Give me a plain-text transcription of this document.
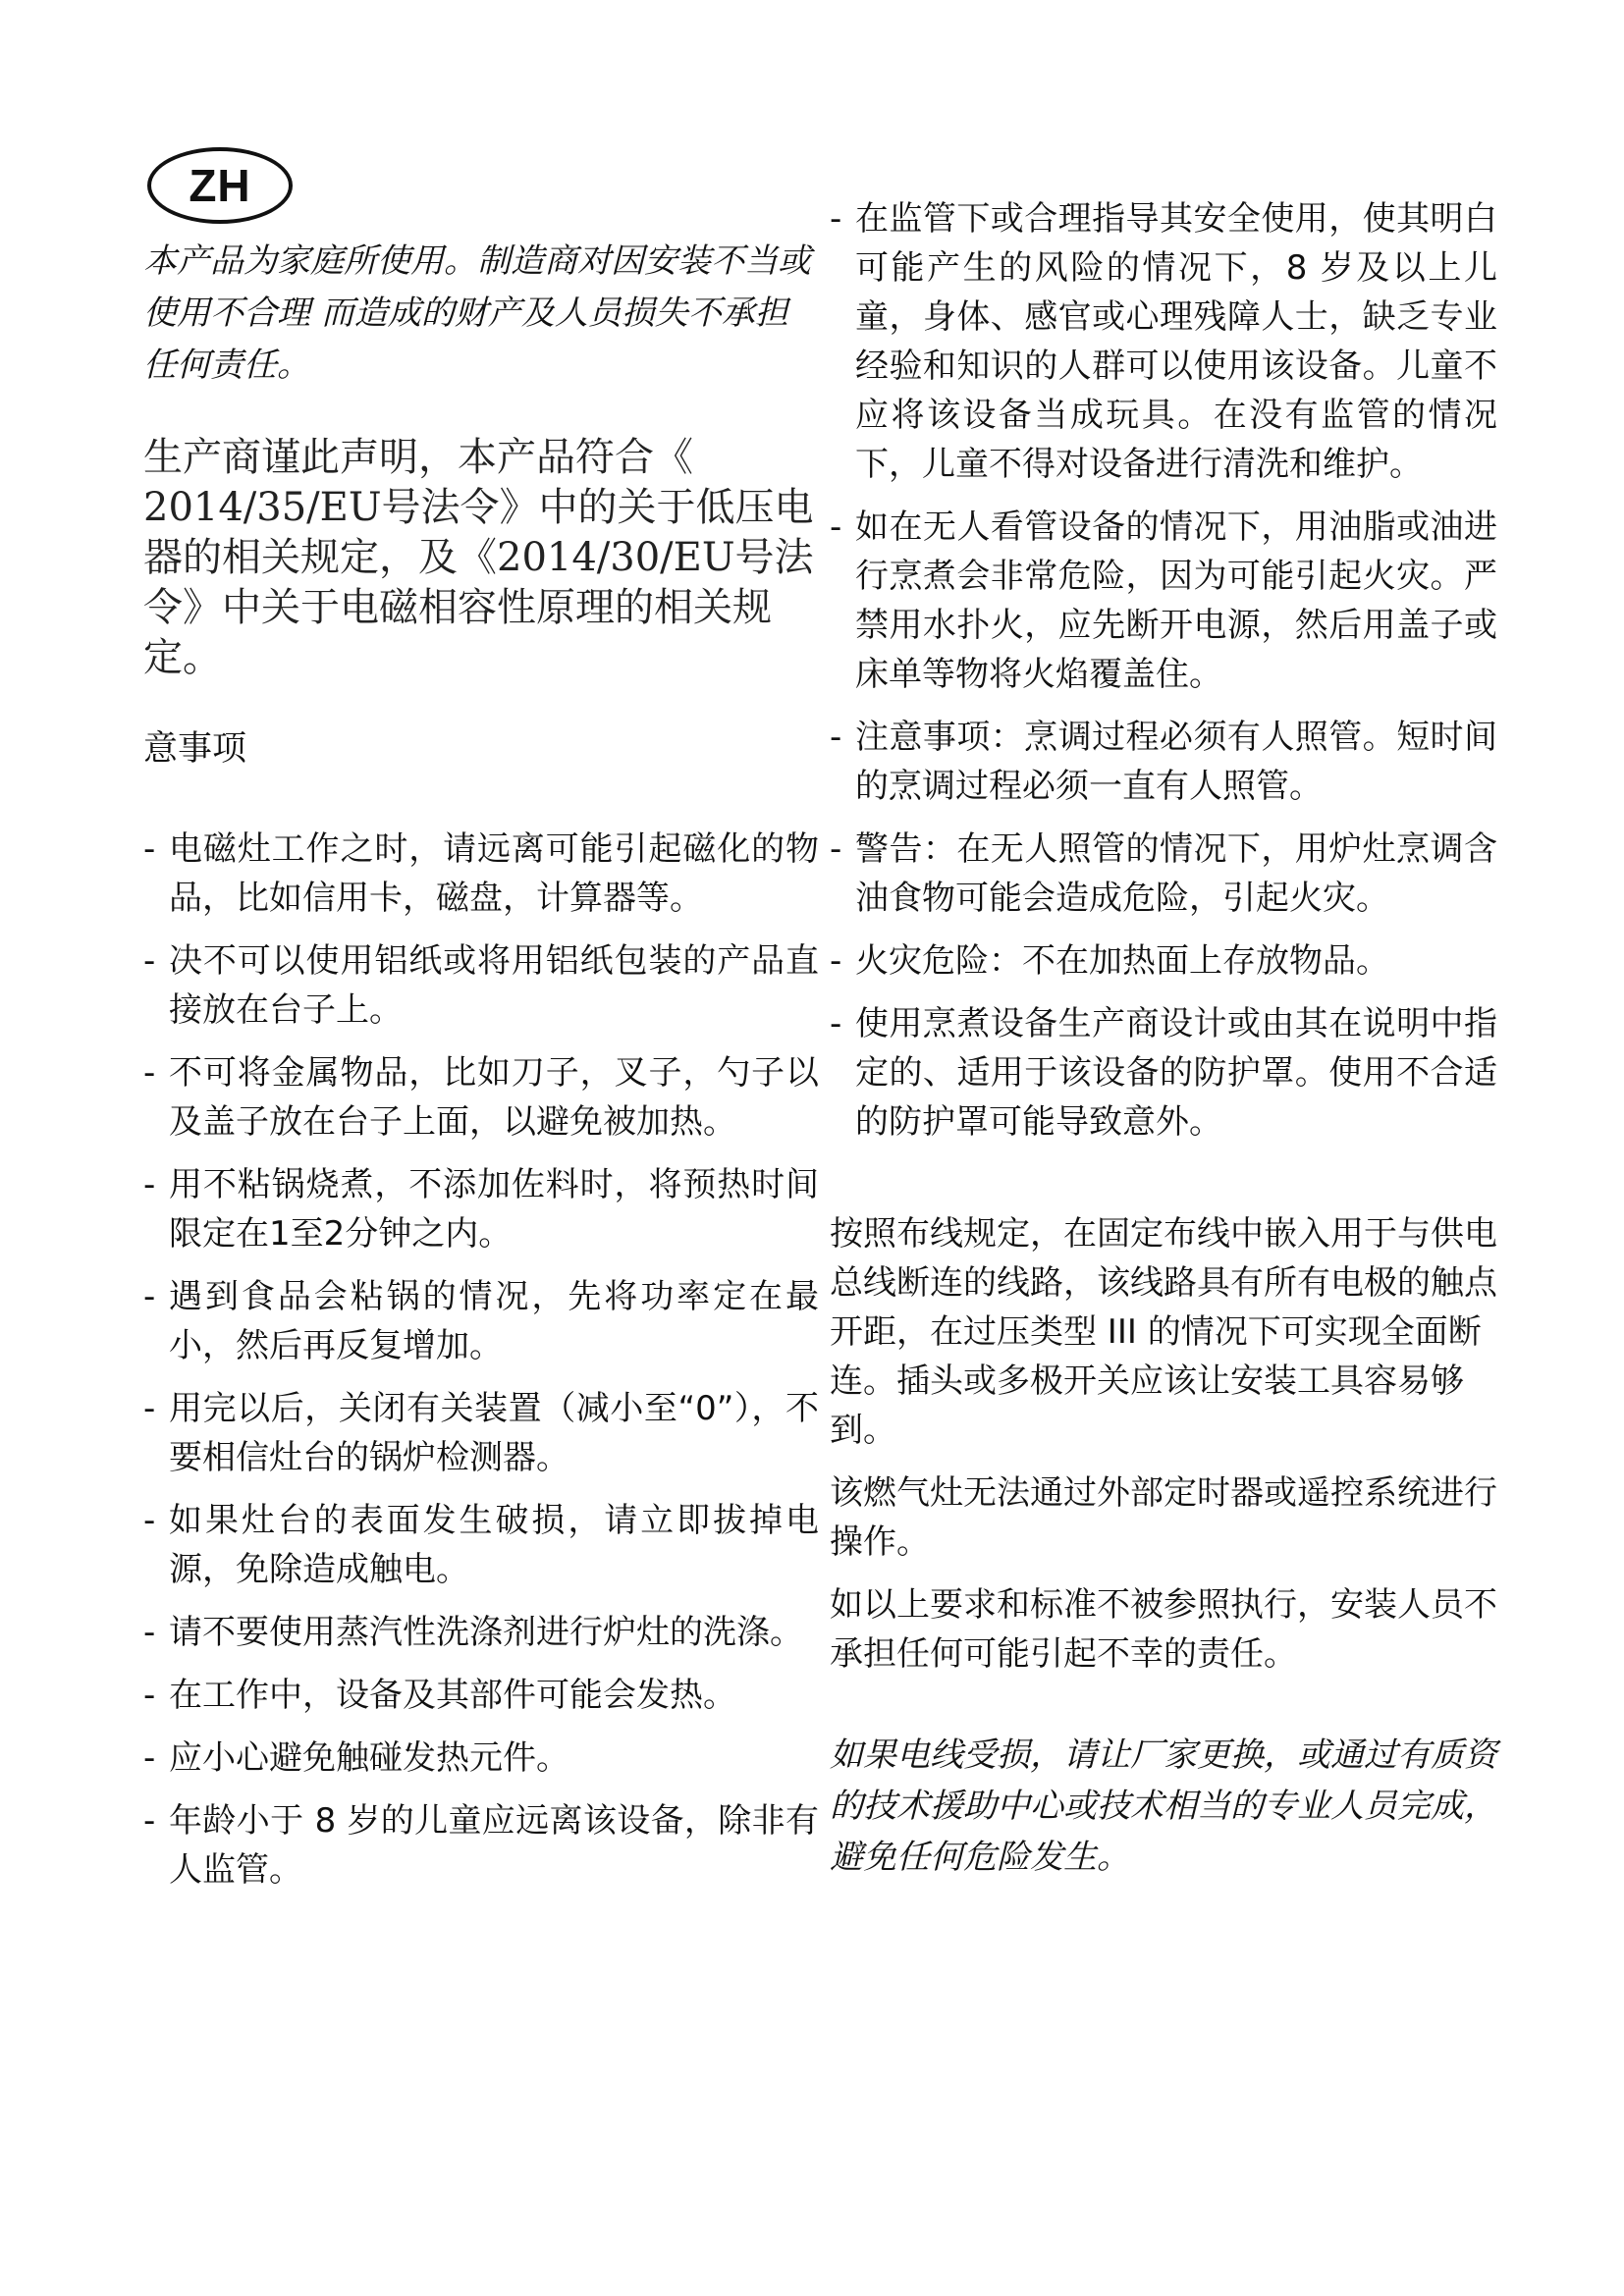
ZH

本产品为家庭所使用。制造商对因安装不当或使用不合理 而造成的财产及人员损失不承担任何责任。

生产商谨此声明，本产品符合《 2014/35/EU号法令》中的关于低压电器的相关规定，及《2014/30/EU号法令》中关于电磁相容性原理的相关规定。

意事项

- 电磁灶工作之时，请远离可能引起磁化的物品，比如信用卡，磁盘，计算器等。
- 决不可以使用铝纸或将用铝纸包装的产品直接放在台子上。
- 不可将金属物品，比如刀子，叉子，勺子以及盖子放在台子上面，以避免被加热。
- 用不粘锅烧煮，不添加佐料时，将预热时间限定在1至2分钟之内。
- 遇到食品会粘锅的情况，先将功率定在最小，然后再反复增加。
- 用完以后，关闭有关装置（减小至“0”），不要相信灶台的锅炉检测器。
- 如果灶台的表面发生破损，请立即拔掉电源，免除造成触电。
- 请不要使用蒸汽性洗涤剂进行炉灶的洗涤。
- 在工作中，设备及其部件可能会发热。
- 应小心避免触碰发热元件。
- 年龄小于 8 岁的儿童应远离该设备，除非有人监管。
- 在监管下或合理指导其安全使用，使其明白可能产生的风险的情况下，8 岁及以上儿童，身体、感官或心理残障人士，缺乏专业经验和知识的人群可以使用该设备。儿童不应将该设备当成玩具。在没有监管的情况下，儿童不得对设备进行清洗和维护。
- 如在无人看管设备的情况下，用油脂或油进行烹煮会非常危险，因为可能引起火灾。严禁用水扑火，应先断开电源，然后用盖子或床单等物将火焰覆盖住。
- 注意事项：烹调过程必须有人照管。短时间的烹调过程必须一直有人照管。
- 警告：在无人照管的情况下，用炉灶烹调含油食物可能会造成危险，引起火灾。
- 火灾危险：不在加热面上存放物品。
- 使用烹煮设备生产商设计或由其在说明中指定的、适用于该设备的防护罩。使用不合适的防护罩可能导致意外。

按照布线规定，在固定布线中嵌入用于与供电总线断连的线路，该线路具有所有电极的触点开距，在过压类型 III 的情况下可实现全面断连。插头或多极开关应该让安装工具容易够到。

该燃气灶无法通过外部定时器或遥控系统进行操作。

如以上要求和标准不被参照执行，安装人员不承担任何可能引起不幸的责任。

如果电线受损，请让厂家更换，或通过有质资的技术援助中心或技术相当的专业人员完成，避免任何危险发生。
